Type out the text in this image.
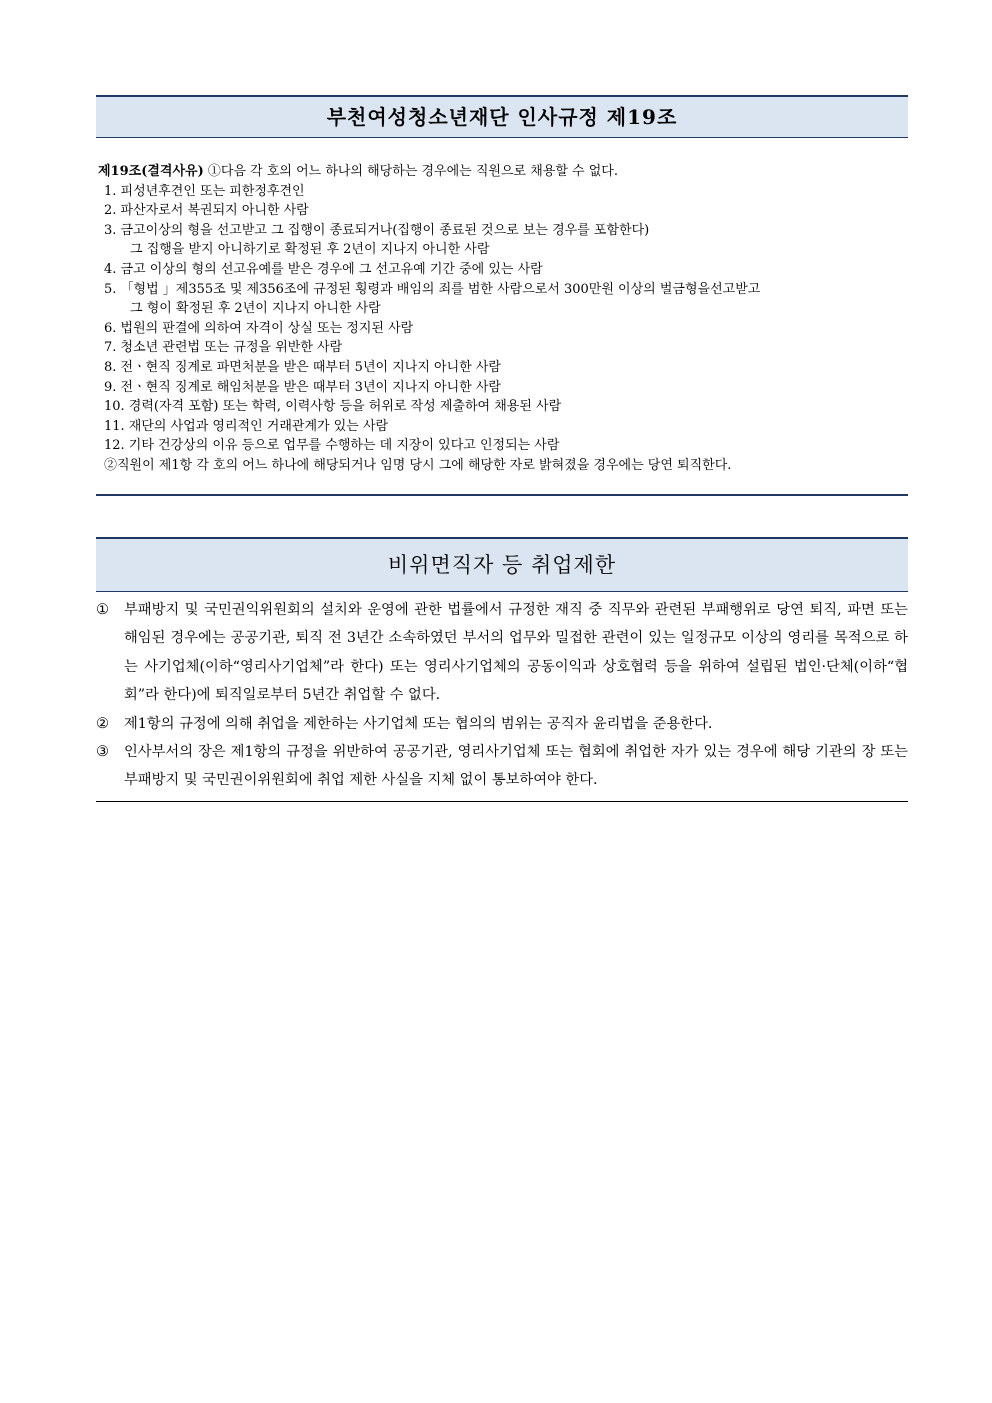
부천여성청소년재단 인사규정 제19조
제19조(결격사유) ①다음 각 호의 어느 하나의 해당하는 경우에는 직원으로 채용할 수 없다.
1. 피성년후견인 또는 피한정후견인
2. 파산자로서 복권되지 아니한 사람
3. 금고이상의 형을 선고받고 그 집행이 종료되거나(집행이 종료된 것으로 보는 경우를 포함한다)
그 집행을 받지 아니하기로 확정된 후 2년이 지나지 아니한 사람
4. 금고 이상의 형의 선고유예를 받은 경우에 그 선고유예 기간 중에 있는 사람
5. 「형법 」제355조 및 제356조에 규정된 횡령과 배임의 죄를 범한 사람으로서 300만원 이상의 벌금형을선고받고
그 형이 확정된 후 2년이 지나지 아니한 사람
6. 법원의 판결에 의하여 자격이 상실 또는 정지된 사람
7. 청소년 관련법 또는 규정을 위반한 사람
8. 전ㆍ현직 징계로 파면처분을 받은 때부터 5년이 지나지 아니한 사람
9. 전ㆍ현직 징계로 해임처분을 받은 때부터 3년이 지나지 아니한 사람
10. 경력(자격 포함) 또는 학력, 이력사항 등을 허위로 작성 제출하여 채용된 사람
11. 재단의 사업과 영리적인 거래관계가 있는 사람
12. 기타 건강상의 이유 등으로 업무를 수행하는 데 지장이 있다고 인정되는 사람
②직원이 제1항 각 호의 어느 하나에 해당되거나 임명 당시 그에 해당한 자로 밝혀졌을 경우에는 당연 퇴직한다.
비위면직자 등 취업제한
①	부패방지 및 국민권익위원회의 설치와 운영에 관한 법률에서 규정한 재직 중 직무와 관련된 부패행위로 당연 퇴직, 파면 또는 해임된 경우에는 공공기관, 퇴직 전 3년간 소속하였던 부서의 업무와 밀접한 관련이 있는 일정규모 이상의 영리를 목적으로 하는 사기업체(이하“영리사기업체”라 한다) 또는 영리사기업체의 공동이익과 상호협력 등을 위하여 설립된 법인·단체(이하“협회”라 한다)에 퇴직일로부터 5년간 취업할 수 없다.
②	제1항의 규정에 의해 취업을 제한하는 사기업체 또는 협의의 범위는 공직자 윤리법을 준용한다.
③	인사부서의 장은 제1항의 규정을 위반하여 공공기관, 영리사기업체 또는 협회에 취업한 자가 있는 경우에 해당 기관의 장 또는 부패방지 및 국민권이위원회에 취업 제한 사실을 지체 없이 통보하여야 한다.
